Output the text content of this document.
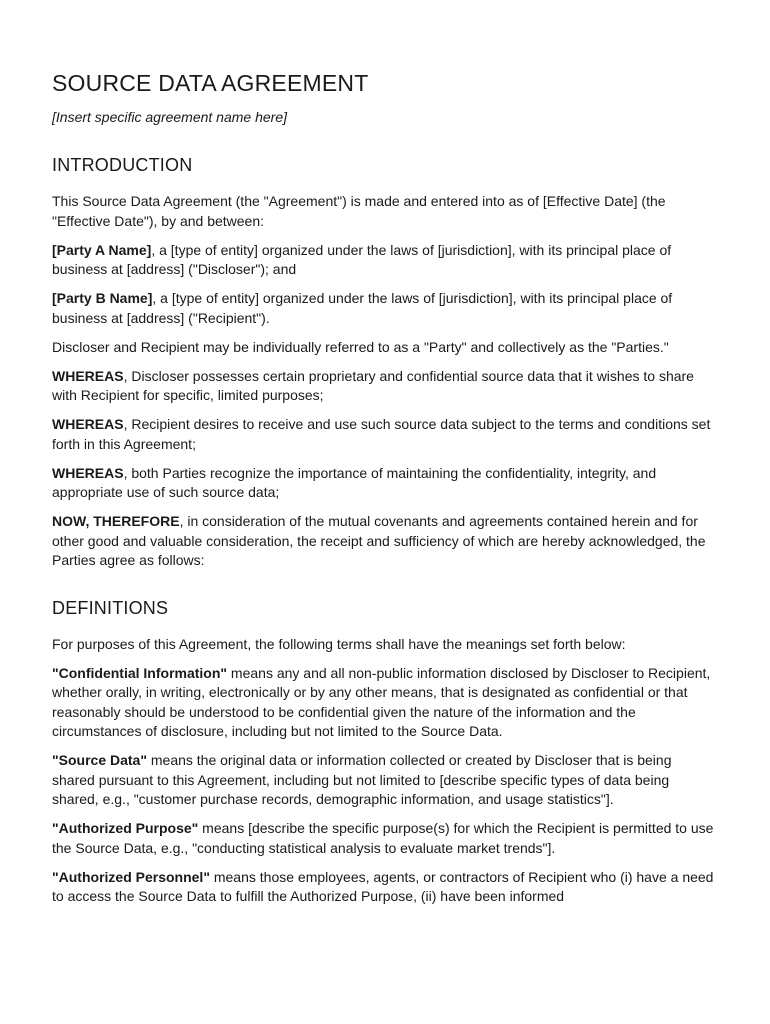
SOURCE DATA AGREEMENT
[Insert specific agreement name here]
INTRODUCTION

This Source Data Agreement (the "Agreement") is made and entered into as of [Effective Date] (the "Effective Date"), by and between:

[Party A Name], a [type of entity] organized under the laws of [jurisdiction], with its principal place of business at [address] ("Discloser"); and

[Party B Name], a [type of entity] organized under the laws of [jurisdiction], with its principal place of business at [address] ("Recipient").

Discloser and Recipient may be individually referred to as a "Party" and collectively as the "Parties."

WHEREAS, Discloser possesses certain proprietary and confidential source data that it wishes to share with Recipient for specific, limited purposes;

WHEREAS, Recipient desires to receive and use such source data subject to the terms and conditions set forth in this Agreement;

WHEREAS, both Parties recognize the importance of maintaining the confidentiality, integrity, and appropriate use of such source data;

NOW, THEREFORE, in consideration of the mutual covenants and agreements contained herein and for other good and valuable consideration, the receipt and sufficiency of which are hereby acknowledged, the Parties agree as follows:

DEFINITIONS

For purposes of this Agreement, the following terms shall have the meanings set forth below:

"Confidential Information" means any and all non-public information disclosed by Discloser to Recipient, whether orally, in writing, electronically or by any other means, that is designated as confidential or that reasonably should be understood to be confidential given the nature of the information and the circumstances of disclosure, including but not limited to the Source Data.

"Source Data" means the original data or information collected or created by Discloser that is being shared pursuant to this Agreement, including but not limited to [describe specific types of data being shared, e.g., "customer purchase records, demographic information, and usage statistics"].

"Authorized Purpose" means [describe the specific purpose(s) for which the Recipient is permitted to use the Source Data, e.g., "conducting statistical analysis to evaluate market trends"].

"Authorized Personnel" means those employees, agents, or contractors of Recipient who (i) have a need to access the Source Data to fulfill the Authorized Purpose, (ii) have been informed
